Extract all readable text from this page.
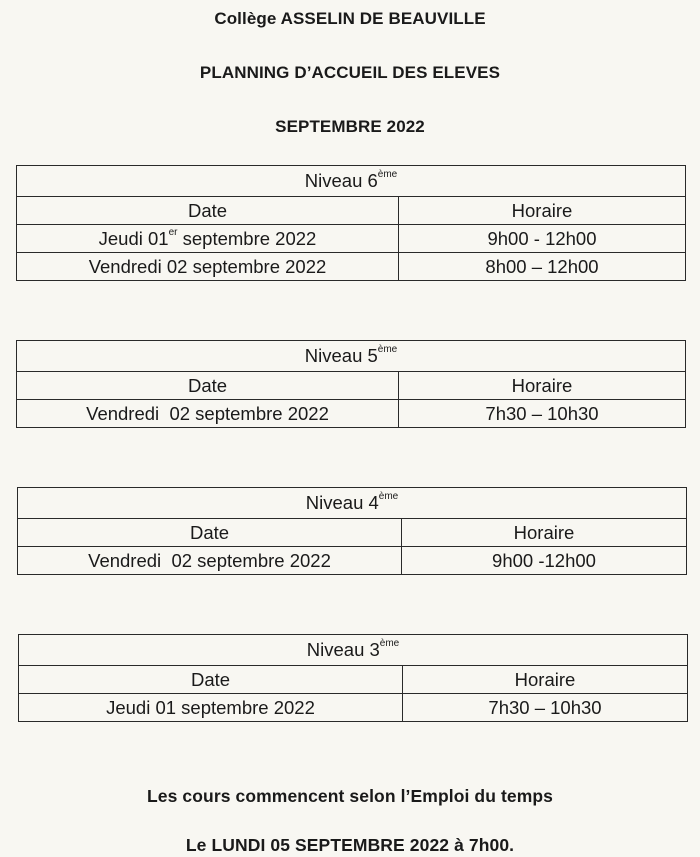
Collège ASSELIN DE BEAUVILLE
PLANNING D’ACCUEIL DES ELEVES
SEPTEMBRE 2022
Niveau 6ème
Date	Horaire
Jeudi 01er septembre 2022	9h00 - 12h00
Vendredi 02 septembre 2022	8h00 – 12h00
Niveau 5ème
Date	Horaire
Vendredi  02 septembre 2022	7h30 – 10h30
Niveau 4ème
Date	Horaire
Vendredi  02 septembre 2022	9h00 -12h00
Niveau 3ème
Date	Horaire
Jeudi 01 septembre 2022	7h30 – 10h30
Les cours commencent selon l’Emploi du temps
Le LUNDI 05 SEPTEMBRE 2022 à 7h00.
